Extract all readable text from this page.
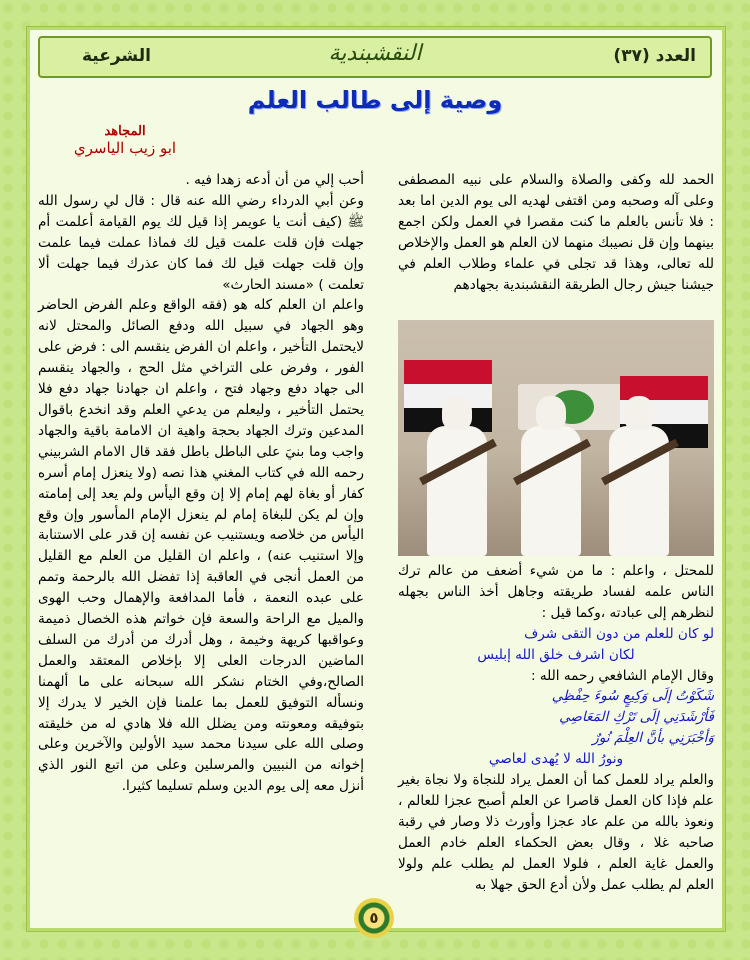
العدد (٣٧)
النقشبندية
الشرعية
وصية إلى طالب العلم
المجاهد
ابو زيب الياسري

الحمد لله وكفى والصلاة والسلام على نبيه المصطفى وعلى آله وصحبه ومن اقتفى لهديه الى يوم الدين اما بعد : فلا تأنس بالعلم ما كنت مقصرا في العمل ولكن اجمع بينهما وإن قل نصيبك منهما لان العلم هو العمل والإخلاص لله تعالى، وهذا قد تجلى في علماء وطلاب العلم في جيشنا جيش رجال الطريقة النقشبندية بجهادهم

للمحتل ، واعلم : ما من شيء أضعف من عالم ترك الناس علمه لفساد طريقته وجاهل أخذ الناس بجهله لنظرهم إلى عبادته ،وكما قيل :

لو كان للعلم من دون التقى شرف

لكان اشرف خلق الله إبليس

وقال الإمام الشافعي رحمه الله :

شَكَوْتُ إلَى وَكِيعٍ سُوءَ حِفْظِي

فَأرْشَدَنِي إلَى تَرْكِ المَعَاصِي

وَأخْبَرَنِي بأنَّ العِلْمَ نُورٌ

ونورُ الله لا يُهدى لعاصي

والعلم يراد للعمل كما أن العمل يراد للنجاة ولا نجاة بغير علم فإذا كان العمل قاصرا عن العلم أصبح عجزا للعالم ، ونعوذ بالله من علم عاد عجزا وأورث ذلا وصار في رقبة صاحبه غلا ، وقال بعض الحكماء العلم خادم العمل والعمل غاية العلم ، فلولا العمل لم يطلب علم ولولا العلم لم يطلب عمل ولأن أدع الحق جهلا به

أحب إلي من أن أدعه زهدا فيه .

وعن أبي الدرداء رضي الله عنه قال : قال لي رسول الله ﷺ (كيف أنت يا عويمر إذا قيل لك يوم القيامة أعلمت أم جهلت فإن قلت علمت قيل لك فماذا عملت فيما علمت وإن قلت جهلت قيل لك فما كان عذرك فيما جهلت ألا تعلمت ) «مسند الحارث»

واعلم ان العلم كله هو (فقه الواقع وعلم الفرض الحاضر وهو الجهاد في سبيل الله ودفع الصائل والمحتل لانه لايحتمل التأخير ، واعلم ان الفرض ينقسم الى : فرض على الفور ، وفرض على التراخي مثل الحج ، والجهاد ينقسم الى جهاد دفع وجهاد فتح ، واعلم ان جهادنا جهاد دفع فلا يحتمل التأخير ، وليعلم من يدعي العلم وقد انخدع باقوال المدعين وترك الجهاد بحجة واهية ان الامامة باقية والجهاد واجب وما بنيَ على الباطل باطل فقد قال الامام الشربيني رحمه الله في كتاب المغني هذا نصه (ولا ينعزل إمام أسره كفار أو بغاة لهم إمام إلا إن وقع اليأس ولم يعد إلى إمامته وإن لم يكن للبغاة إمام لم ينعزل الإمام المأسور وإن وقع اليأس من خلاصه ويستنيب عن نفسه إن قدر على الاستنابة وإلا استنيب عنه) ، واعلم ان القليل من العلم مع القليل من العمل أنجى في العاقبة إذا تفضل الله بالرحمة وتمم على عبده النعمة ، فأما المدافعة والإهمال وحب الهوى والميل مع الراحة والسعة فإن خواتم هذه الخصال ذميمة وعواقبها كريهة وخيمة ، وهل أدرك من أدرك من السلف الماضين الدرجات العلى إلا بإخلاص المعتقد والعمل الصالح،وفي الختام نشكر الله سبحانه على ما ألهمنا ونسأله التوفيق للعمل بما علمنا فإن الخير لا يدرك إلا بتوفيقه ومعونته ومن يضلل الله فلا هادي له من خليقته وصلى الله على سيدنا محمد سيد الأولين والآخرين وعلى إخوانه من النبيين والمرسلين وعلى من اتبع النور الذي أنزل معه إلى يوم الدين وسلم تسليما كثيرا.

٥
